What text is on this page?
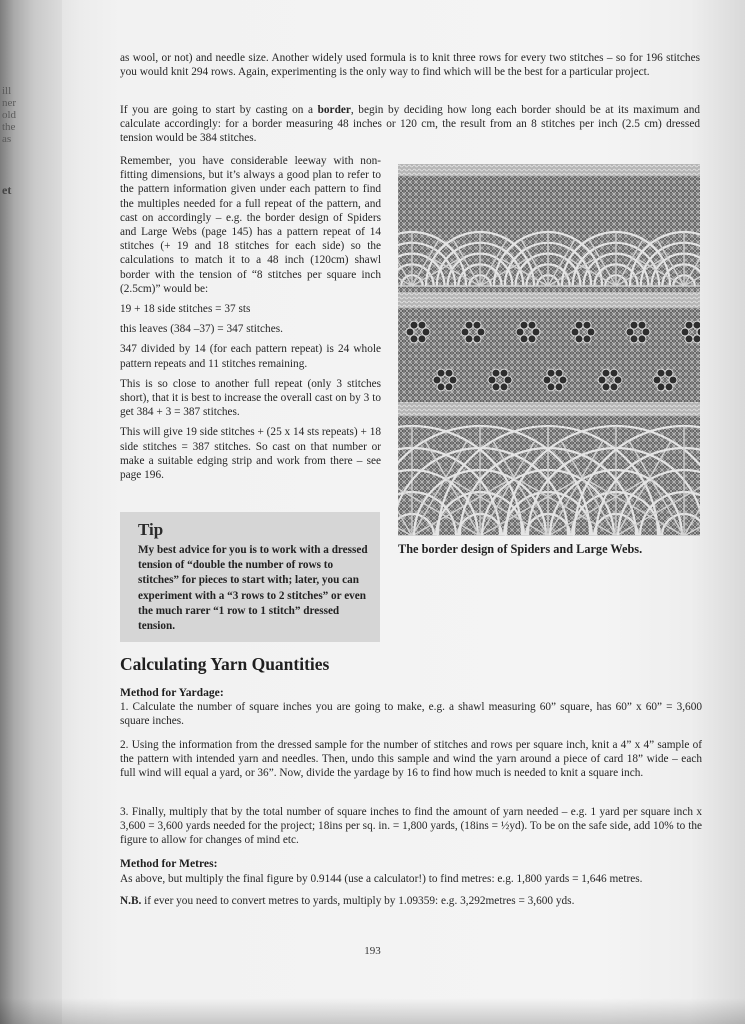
ill
ner
old
the
as
et

as wool, or not) and needle size. Another widely used formula is to knit three rows for every two stitches – so for 196 stitches you would knit 294 rows. Again, experimenting is the only way to find which will be the best for a particular project.

If you are going to start by casting on a border, begin by deciding how long each border should be at its maximum and calculate accordingly: for a border measuring 48 inches or 120 cm, the result from an 8 stitches per inch (2.5 cm) dressed tension would be 384 stitches.

Remember, you have considerable leeway with non-fitting dimensions, but it’s always a good plan to refer to the pattern information given under each pattern to find the multiples needed for a full repeat of the pattern, and cast on accordingly – e.g. the border design of Spiders and Large Webs (page 145) has a pattern repeat of 14 stitches (+ 19 and 18 stitches for each side) so the calculations to match it to a 48 inch (120cm) shawl border with the tension of “8 stitches per square inch (2.5cm)” would be:

19 + 18 side stitches = 37 sts

this leaves (384 –37) = 347 stitches.

347 divided by 14 (for each pattern repeat) is 24 whole pattern repeats and 11 stitches remaining.

This is so close to another full repeat (only 3 stitches short), that it is best to increase the overall cast on by 3 to get 384 + 3 = 387 stitches.

This will give 19 side stitches + (25 x 14 sts repeats) + 18 side stitches = 387 stitches. So cast on that number or make a suitable edging strip and work from there – see page 196.

The border design of Spiders and Large Webs.
Tip
My best advice for you is to work with a dressed tension of “double the number of rows to stitches” for pieces to start with; later, you can experiment with a “3 rows to 2 stitches” or even the much rarer “1 row to 1 stitch” dressed tension.
Calculating Yarn Quantities
Method for Yardage:

1. Calculate the number of square inches you are going to make, e.g. a shawl measuring 60” square, has 60” x 60” = 3,600 square inches.

2. Using the information from the dressed sample for the number of stitches and rows per square inch, knit a 4” x 4” sample of the pattern with intended yarn and needles. Then, undo this sample and wind the yarn around a piece of card 18” wide – each full wind will equal a yard, or 36”. Now, divide the yardage by 16 to find how much is needed to knit a square inch.

3. Finally, multiply that by the total number of square inches to find the amount of yarn needed – e.g. 1 yard per square inch x 3,600 = 3,600 yards needed for the project; 18ins per sq. in. = 1,800 yards, (18ins = ½yd). To be on the safe side, add 10% to the figure to allow for changes of mind etc.

Method for Metres:

As above, but multiply the final figure by 0.9144 (use a calculator!) to find metres: e.g. 1,800 yards = 1,646 metres.

N.B. if ever you need to convert metres to yards, multiply by 1.09359: e.g. 3,292metres = 3,600 yds.

193
